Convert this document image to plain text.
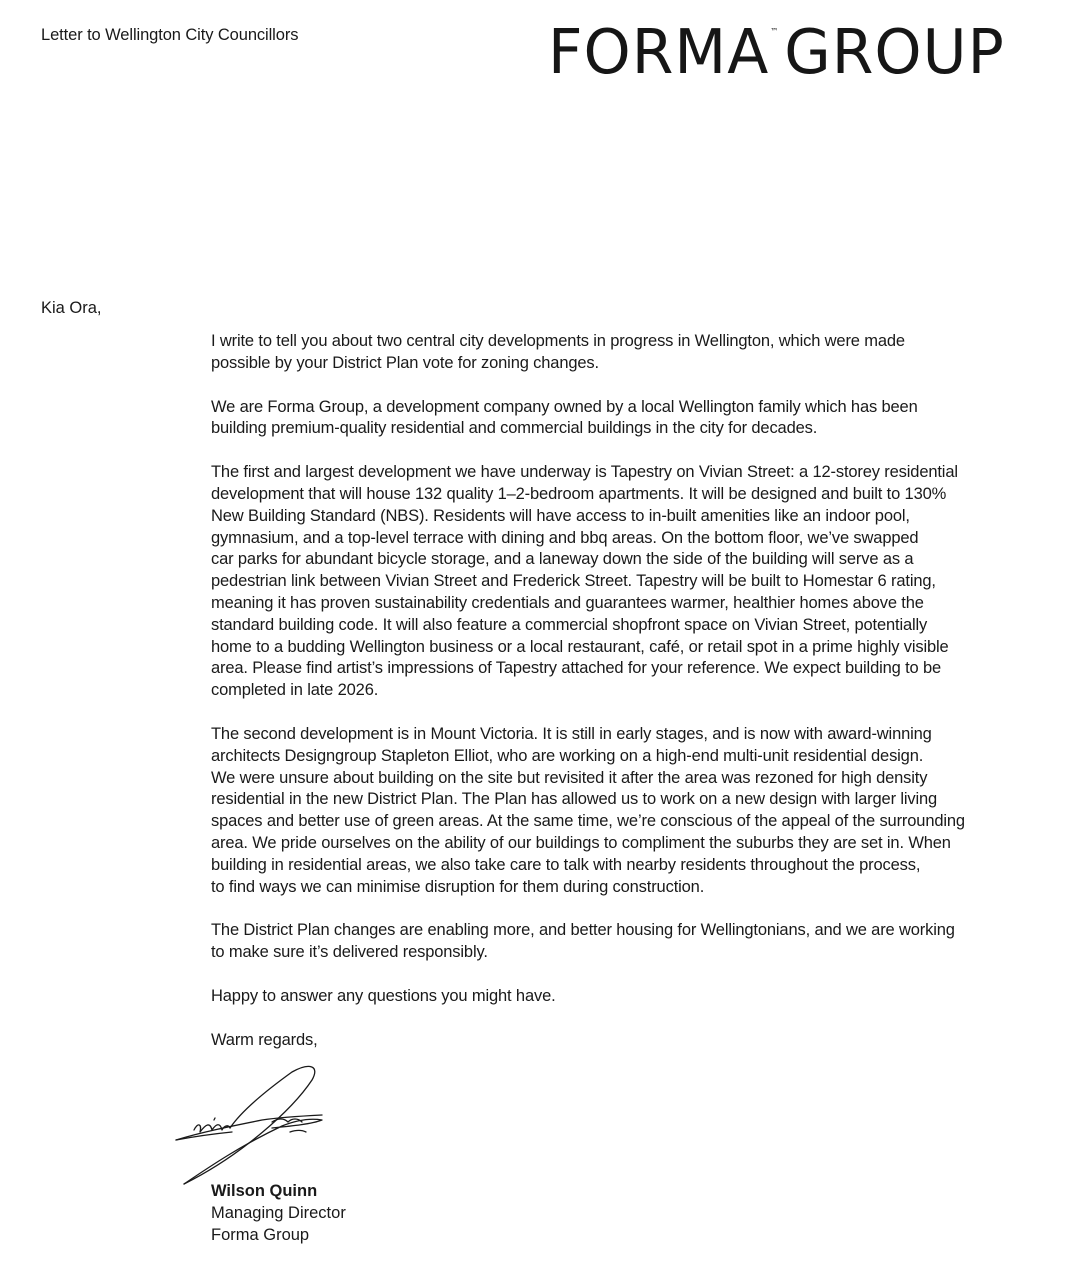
Letter to Wellington City Councillors	FORMA™ GROUP
Kia Ora,

I write to tell you about two central city developments in progress in Wellington, which were made
possible by your District Plan vote for zoning changes.

We are Forma Group, a development company owned by a local Wellington family which has been
building premium-quality residential and commercial buildings in the city for decades.

The first and largest development we have underway is Tapestry on Vivian Street: a 12-storey residential
development that will house 132 quality 1–2-bedroom apartments. It will be designed and built to 130%
New Building Standard (NBS). Residents will have access to in-built amenities like an indoor pool,
gymnasium, and a top-level terrace with dining and bbq areas. On the bottom floor, we’ve swapped
car parks for abundant bicycle storage, and a laneway down the side of the building will serve as a
pedestrian link between Vivian Street and Frederick Street. Tapestry will be built to Homestar 6 rating,
meaning it has proven sustainability credentials and guarantees warmer, healthier homes above the
standard building code. It will also feature a commercial shopfront space on Vivian Street, potentially
home to a budding Wellington business or a local restaurant, café, or retail spot in a prime highly visible
area. Please find artist’s impressions of Tapestry attached for your reference. We expect building to be
completed in late 2026.

The second development is in Mount Victoria. It is still in early stages, and is now with award-winning
architects Designgroup Stapleton Elliot, who are working on a high-end multi-unit residential design.
We were unsure about building on the site but revisited it after the area was rezoned for high density
residential in the new District Plan. The Plan has allowed us to work on a new design with larger living
spaces and better use of green areas. At the same time, we’re conscious of the appeal of the surrounding
area. We pride ourselves on the ability of our buildings to compliment the suburbs they are set in. When
building in residential areas, we also take care to talk with nearby residents throughout the process,
to find ways we can minimise disruption for them during construction.

The District Plan changes are enabling more, and better housing for Wellingtonians, and we are working
to make sure it’s delivered responsibly.

Happy to answer any questions you might have.

Warm regards,

Wilson Quinn
Managing Director
Forma Group
